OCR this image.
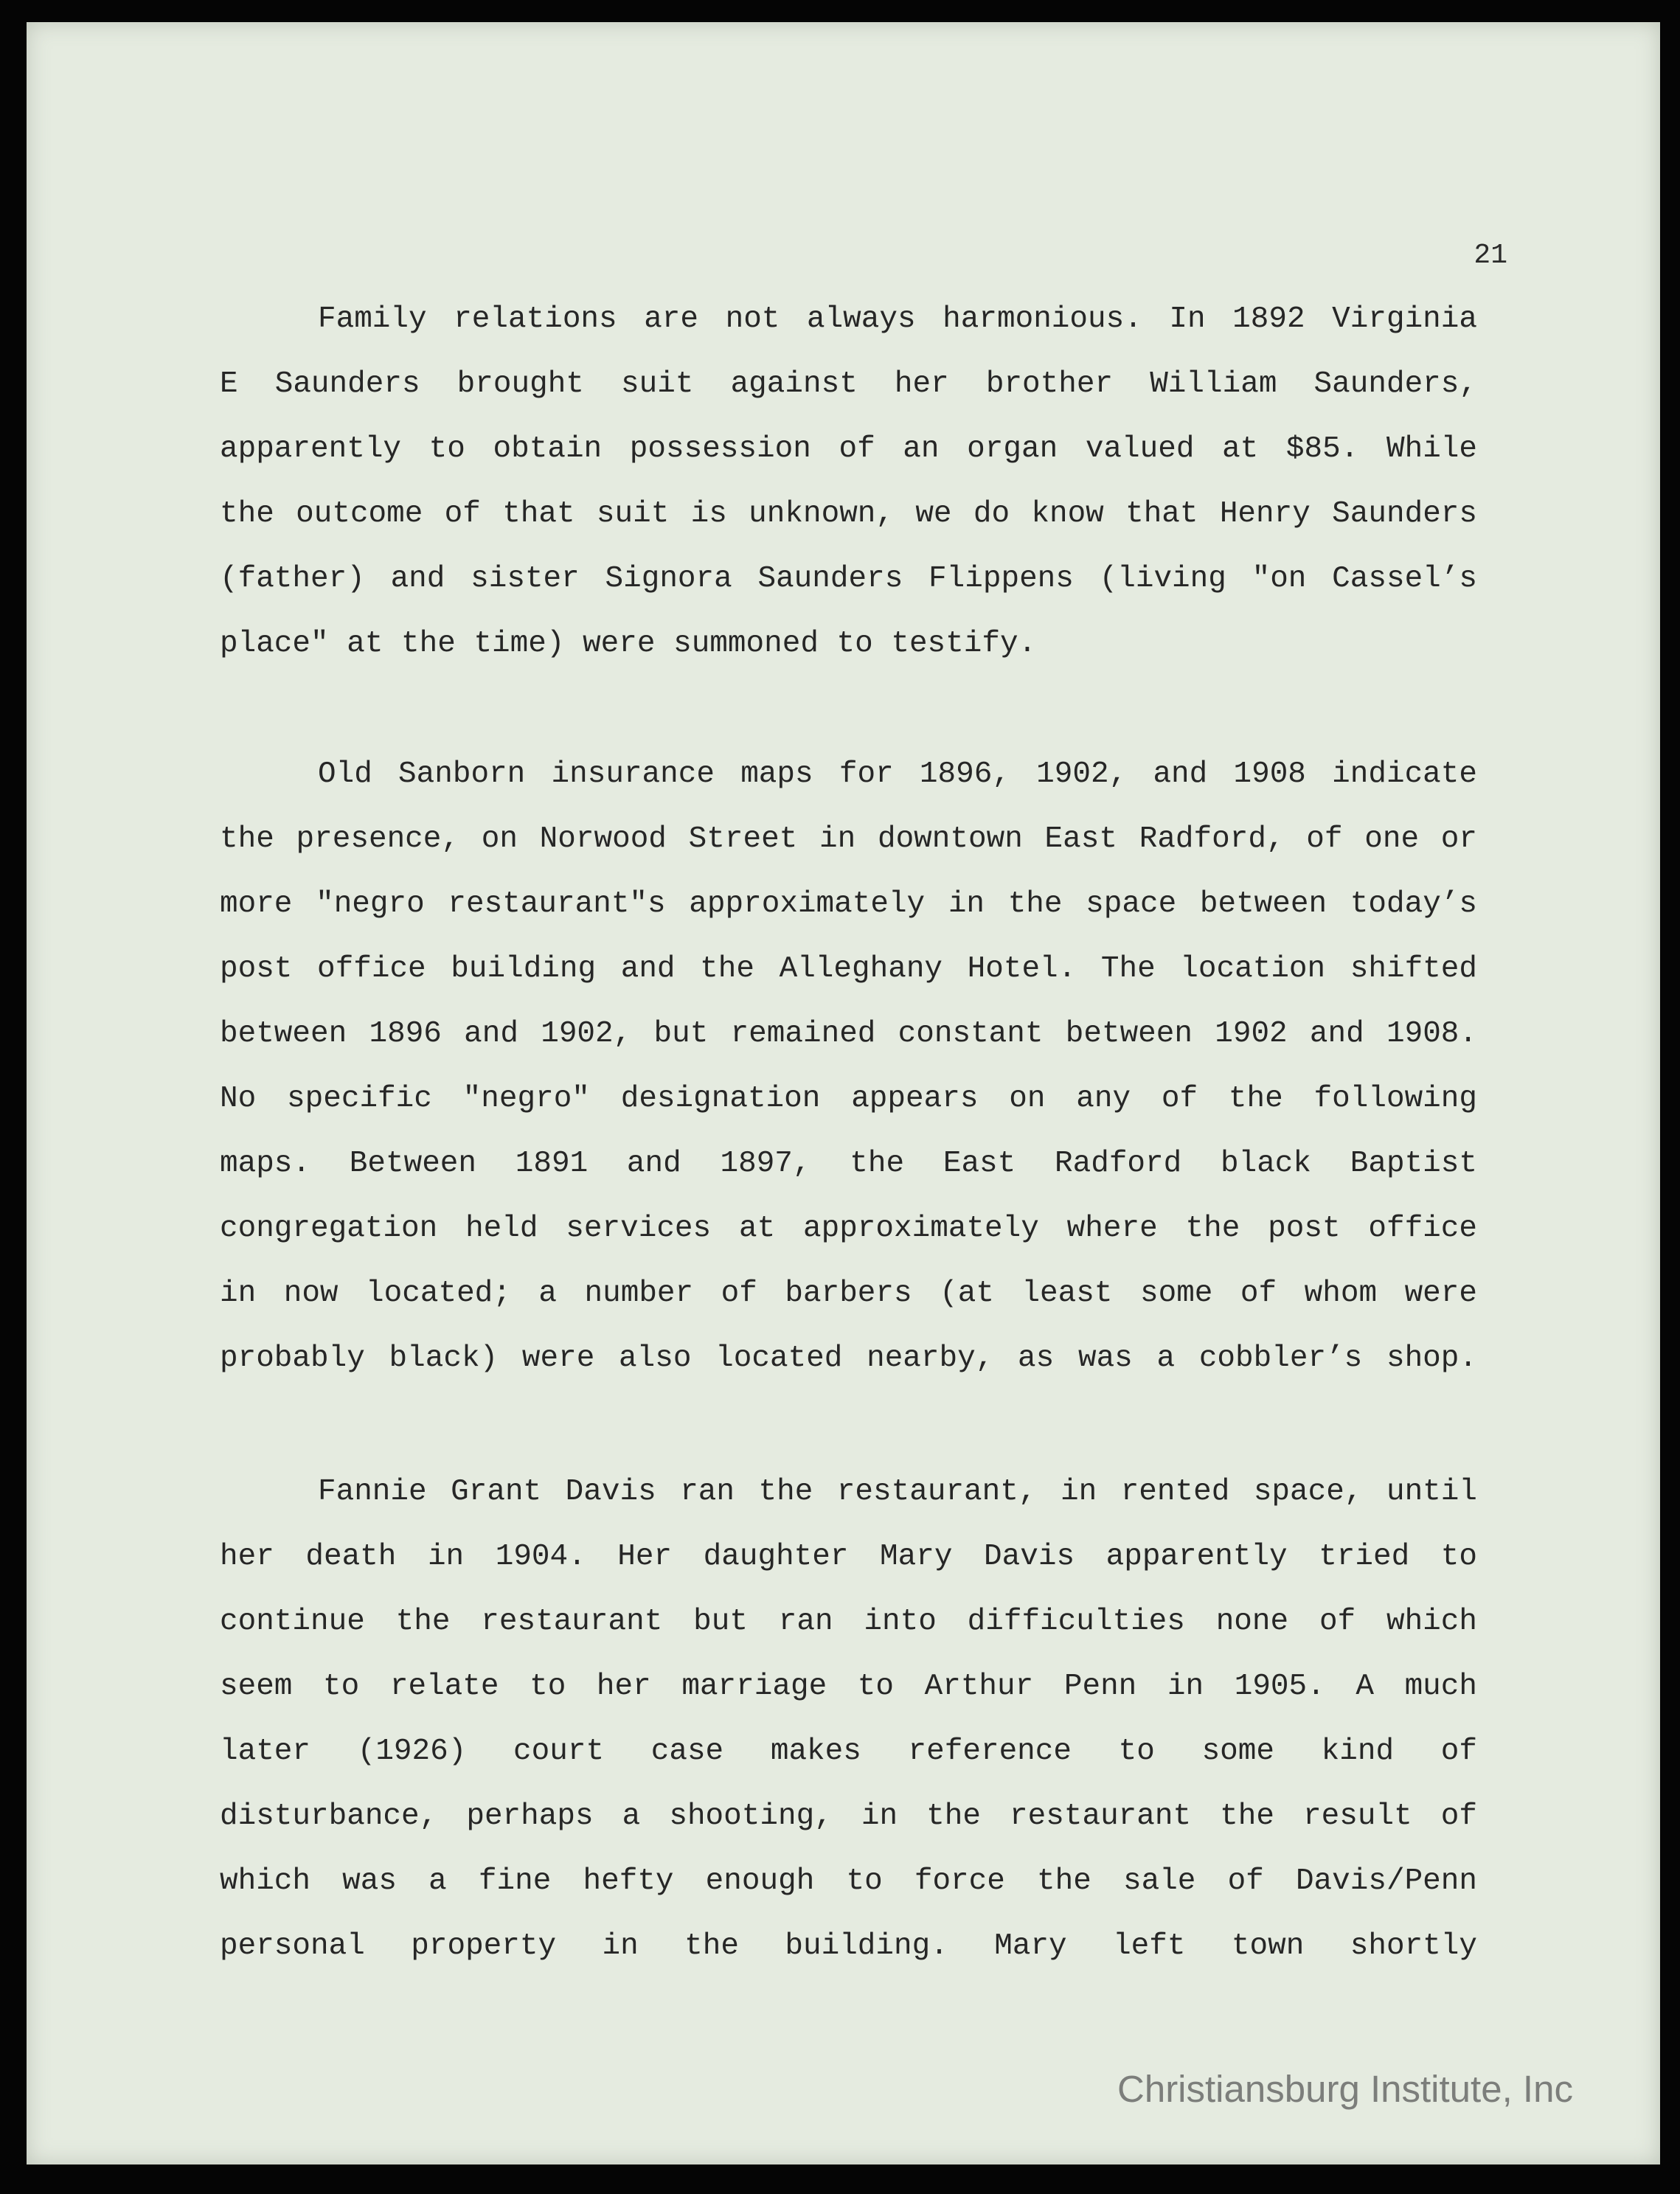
21
Family relations are not always harmonious. In 1892 Virginia
E Saunders brought suit against her brother William Saunders,
apparently to obtain possession of an organ valued at $85. While
the outcome of that suit is unknown, we do know that Henry Saunders
(father) and sister Signora Saunders Flippens (living "on Cassel’s
place" at the time) were summoned to testify.
Old Sanborn insurance maps for 1896, 1902, and 1908 indicate
the presence, on Norwood Street in downtown East Radford, of one or
more "negro restaurant"s approximately in the space between today’s
post office building and the Alleghany Hotel. The location shifted
between 1896 and 1902, but remained constant between 1902 and 1908.
No specific "negro" designation appears on any of the following
maps. Between 1891 and 1897, the East Radford black Baptist
congregation held services at approximately where the post office
in now located; a number of barbers (at least some of whom were
probably black) were also located nearby, as was a cobbler’s shop.
Fannie Grant Davis ran the restaurant, in rented space, until
her death in 1904. Her daughter Mary Davis apparently tried to
continue the restaurant but ran into difficulties none of which
seem to relate to her marriage to Arthur Penn in 1905. A much
later (1926) court case makes reference to some kind of
disturbance, perhaps a shooting, in the restaurant the result of
which was a fine hefty enough to force the sale of Davis/Penn
personal property in the building. Mary left town shortly
Christiansburg Institute, Inc
